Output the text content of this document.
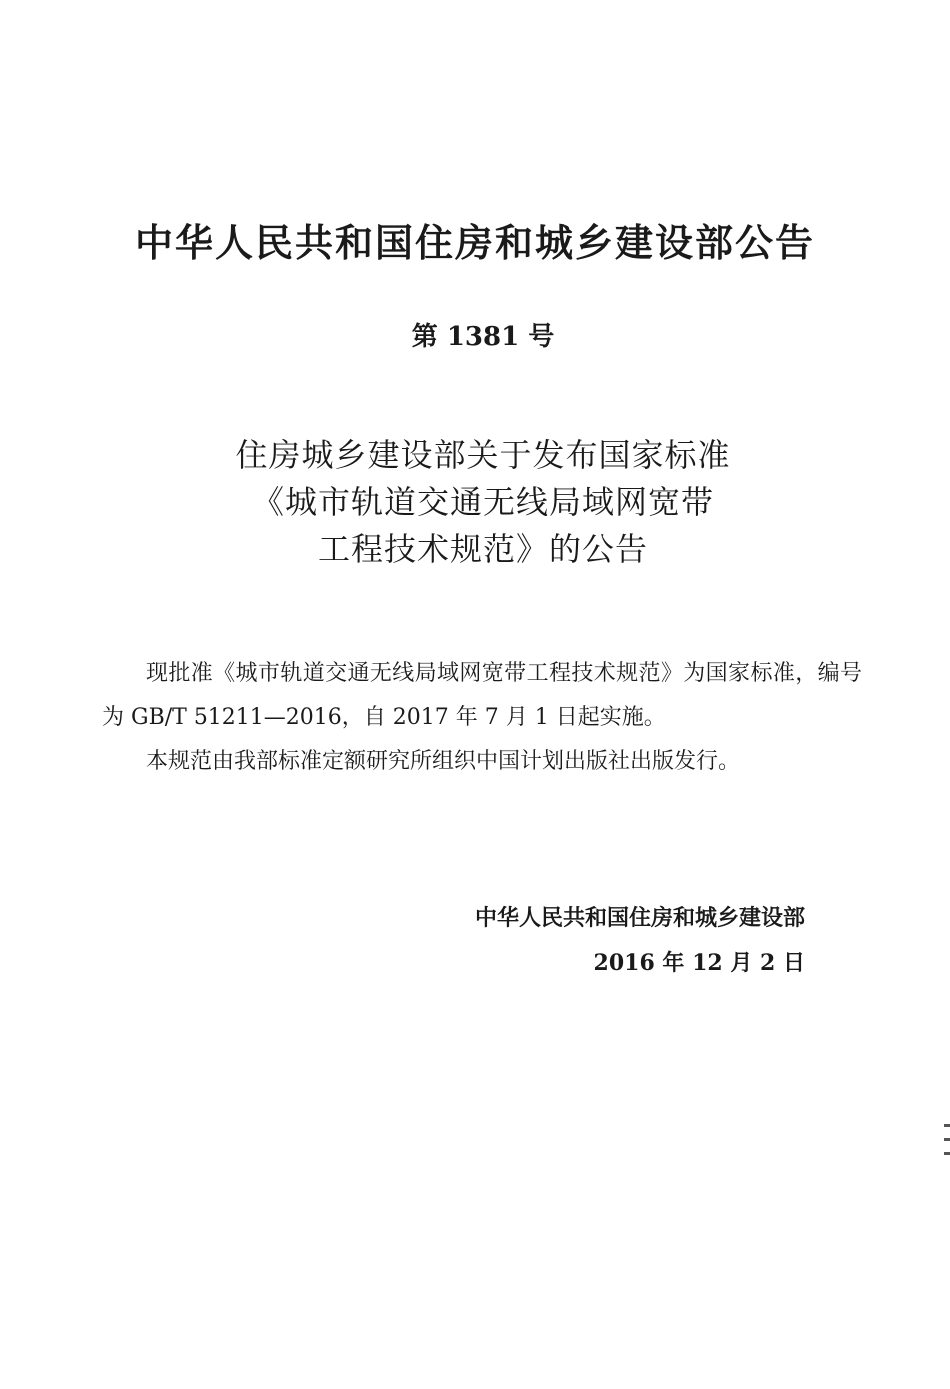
中华人民共和国住房和城乡建设部公告
第 1381 号
住房城乡建设部关于发布国家标准
《城市轨道交通无线局域网宽带
工程技术规范》的公告

现批准《城市轨道交通无线局域网宽带工程技术规范》为国家标准，编号为 GB/T 51211—2016，自 2017 年 7 月 1 日起实施。

本规范由我部标准定额研究所组织中国计划出版社出版发行。

中华人民共和国住房和城乡建设部
2016 年 12 月 2 日
